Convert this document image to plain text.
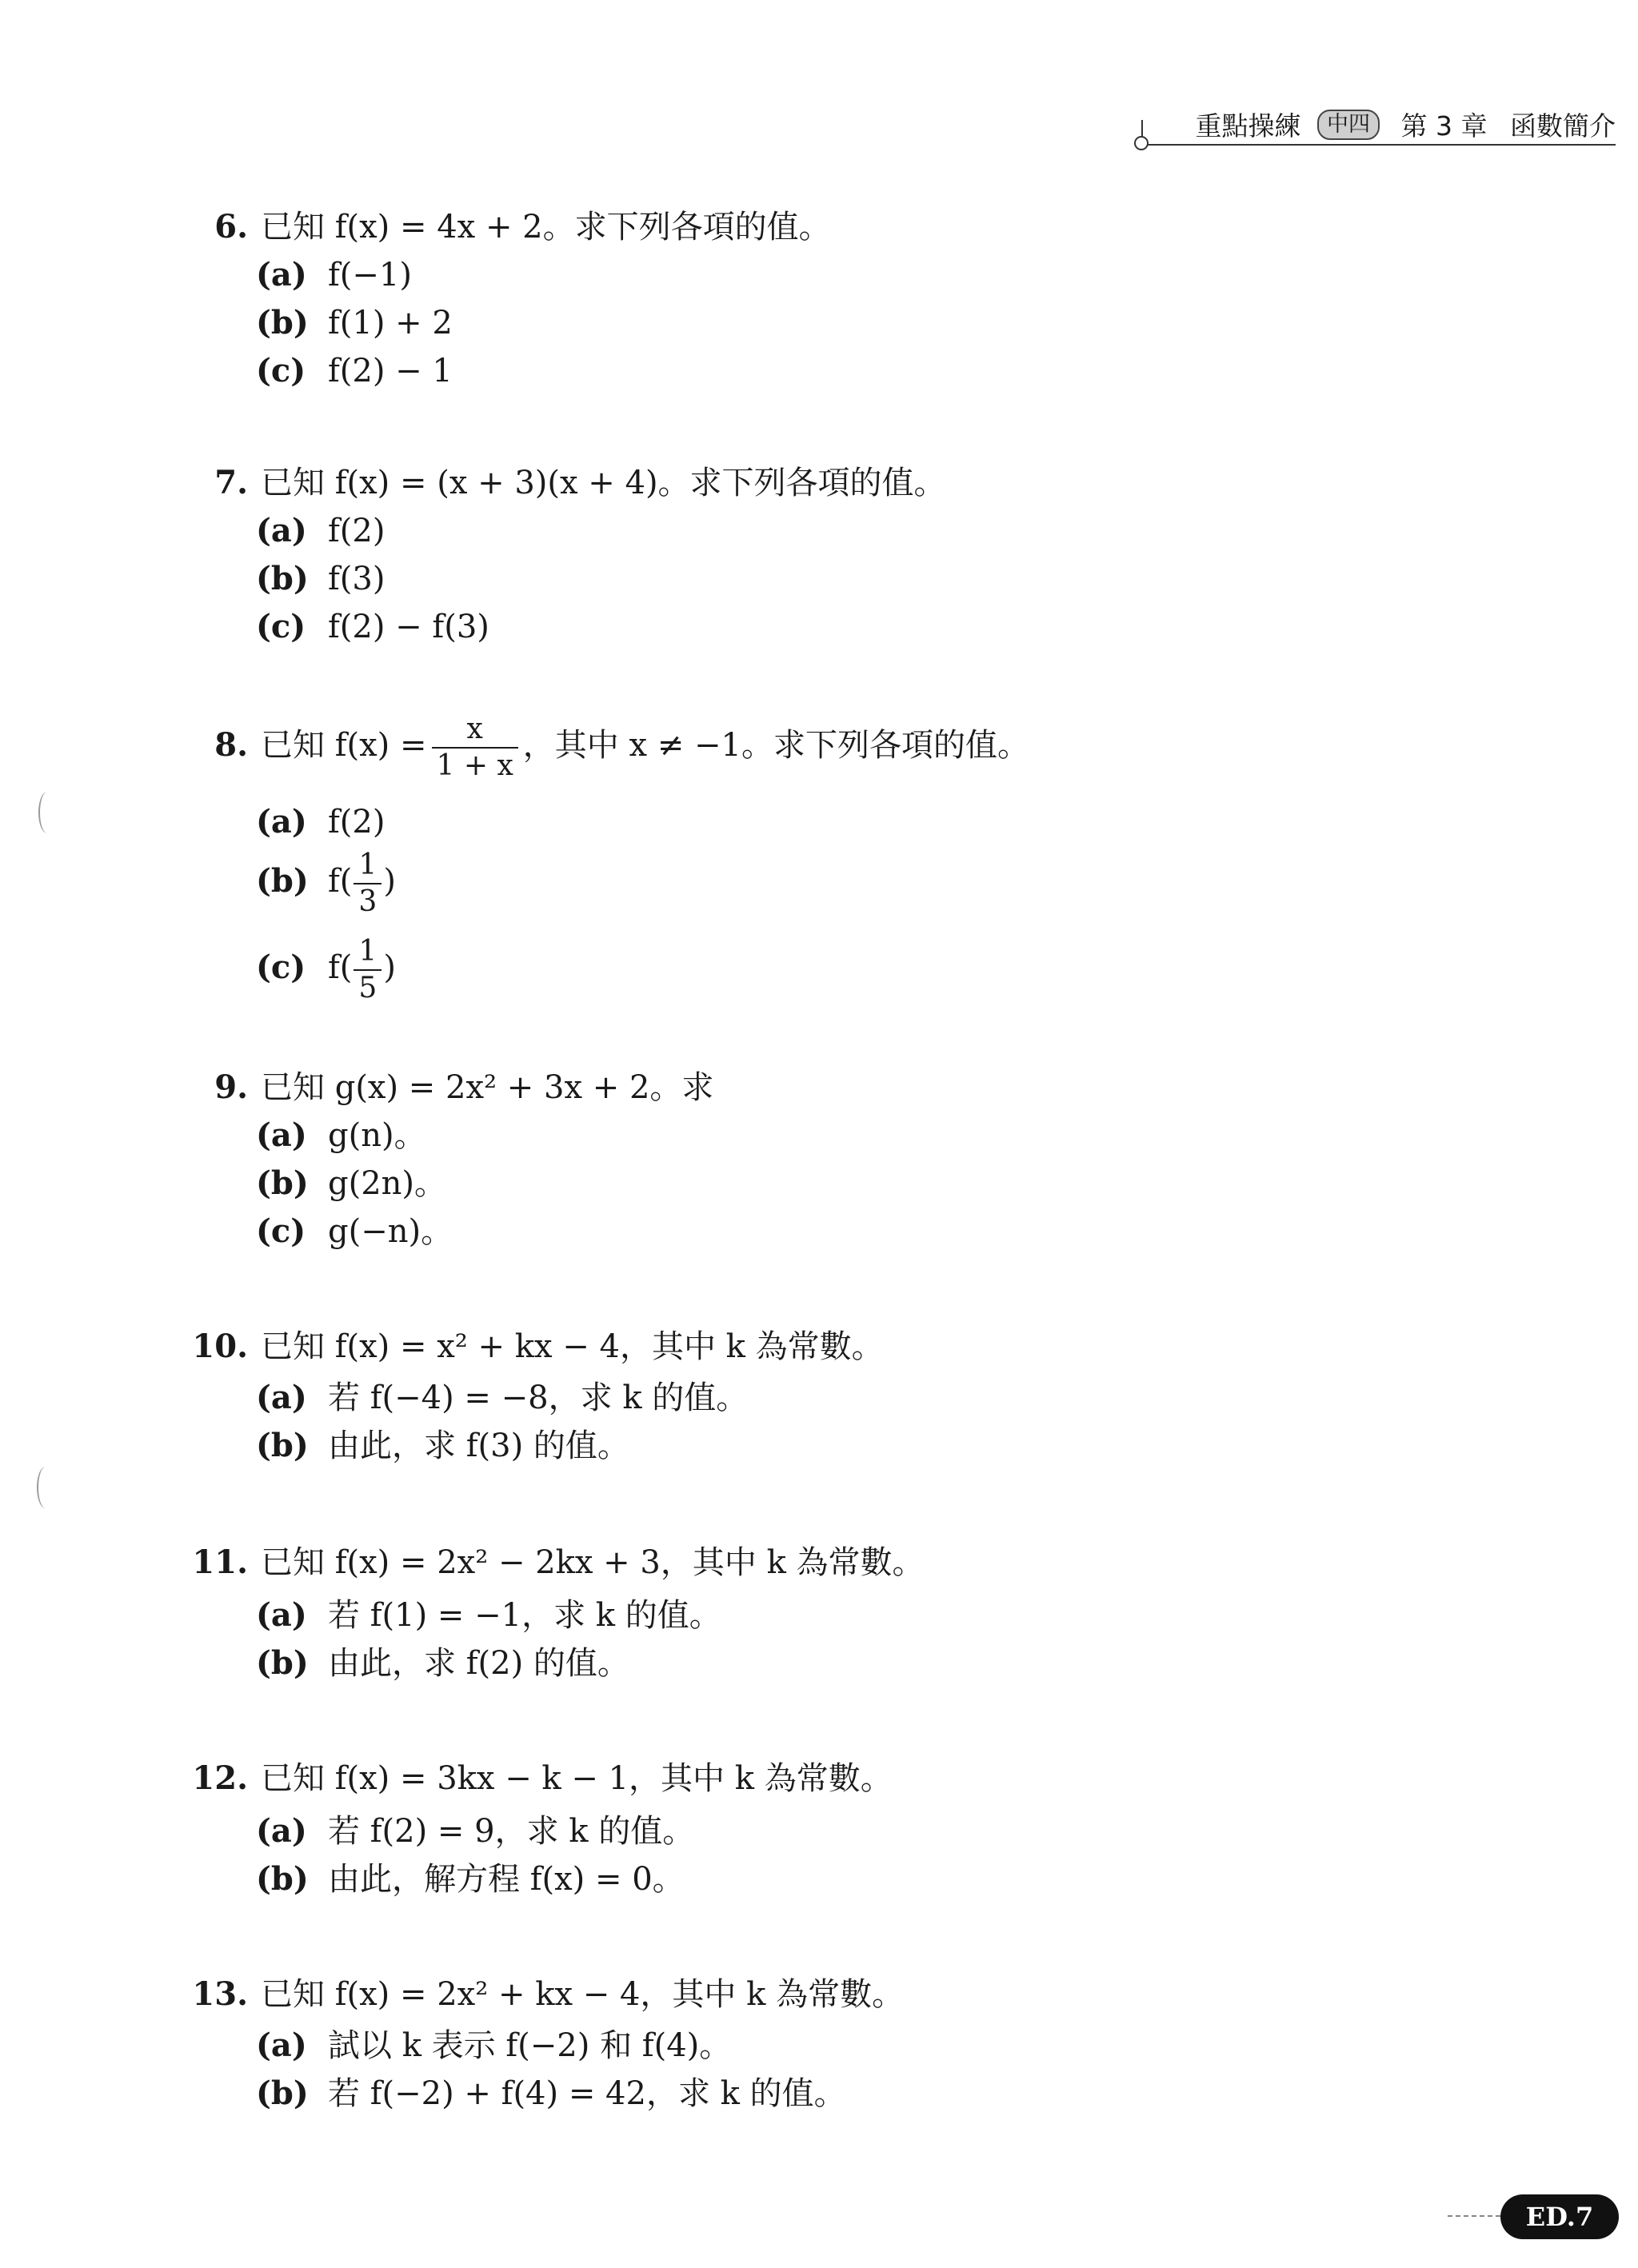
重點操練 中四 第 3 章 函數簡介
6. 已知 f(x) = 4x + 2。求下列各項的值。
(a) f(−1)
(b) f(1) + 2
(c) f(2) − 1
7. 已知 f(x) = (x + 3)(x + 4)。求下列各項的值。
(a) f(2)
(b) f(3)
(c) f(2) − f(3)
8. 已知 $f(x) = \frac{x}{1 + x}$ ，其中 x ≠ −1。求下列各項的值。
(a) f(2)
(b) $f( \frac{1}{3}$ )
(c) $f( \frac{1}{5}$ )
9. 已知 g(x) = 2x² + 3x + 2。求
(a) g(n)。
(b) g(2n)。
(c) g(−n)。
10. 已知 f(x) = x² + kx − 4，其中 k 為常數。
(a) 若 f(−4) = −8，求 k 的值。
(b) 由此，求 f(3) 的值。
11. 已知 f(x) = 2x² − 2kx + 3，其中 k 為常數。
(a) 若 f(1) = −1，求 k 的值。
(b) 由此，求 f(2) 的值。
12. 已知 f(x) = 3kx − k − 1，其中 k 為常數。
(a) 若 f(2) = 9，求 k 的值。
(b) 由此，解方程 f(x) = 0。
13. 已知 f(x) = 2x² + kx − 4，其中 k 為常數。
(a) 試以 k 表示 f(−2) 和 f(4)。
(b) 若 f(−2) + f(4) = 42，求 k 的值。
ED.7
